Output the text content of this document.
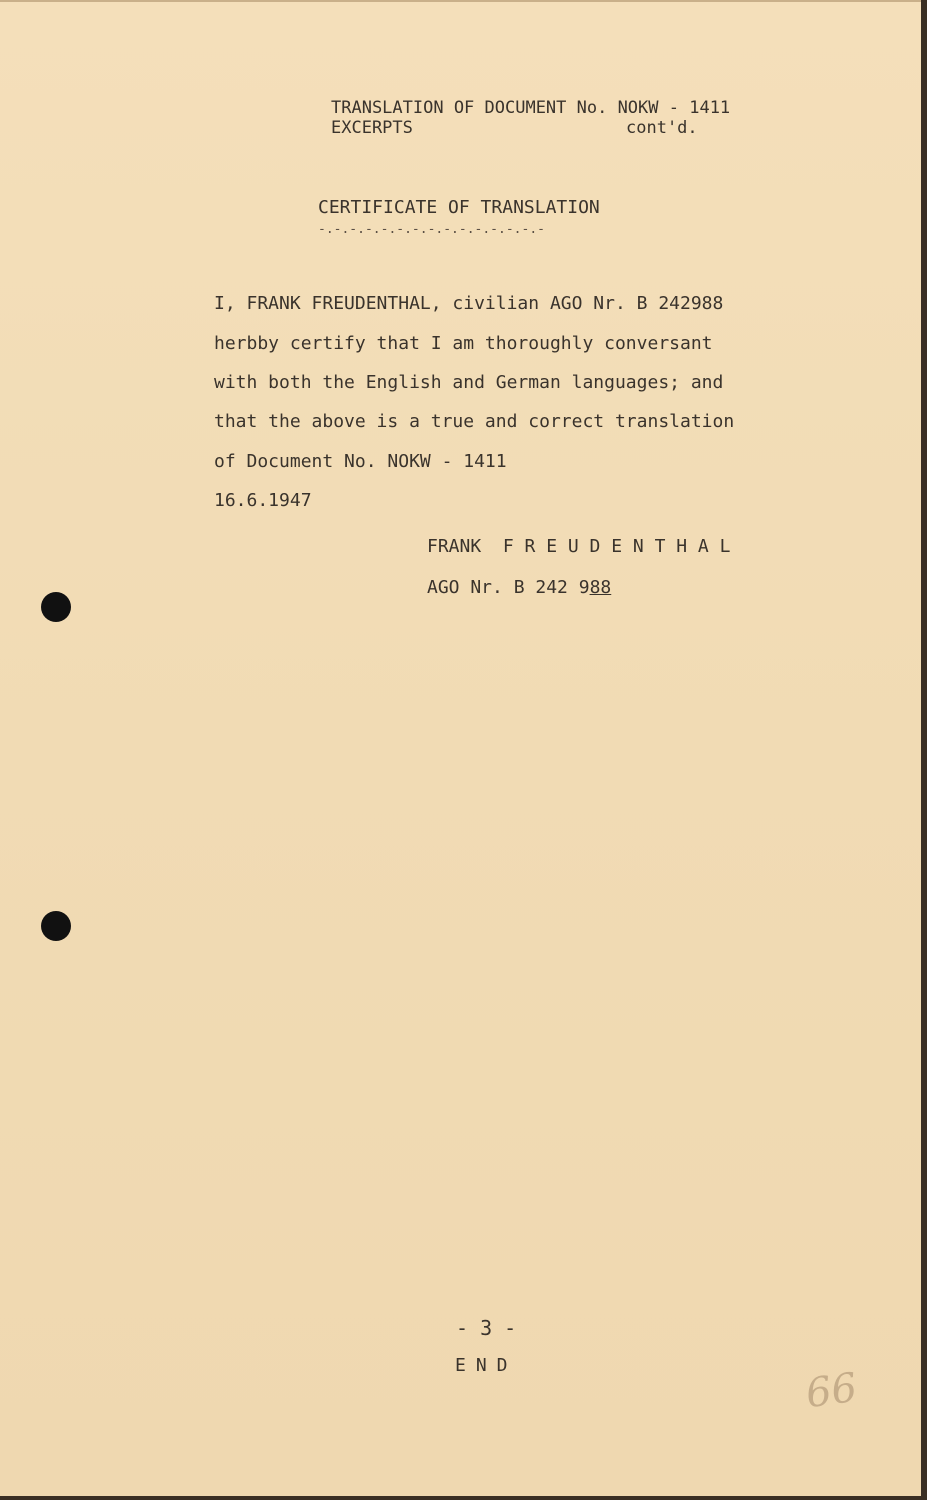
TRANSLATION OF DOCUMENT No. NOKW - 1411
EXCERPTS	cont'd.
CERTIFICATE OF TRANSLATION
-.-.-.-.-.-.-.-.-.-.-.-.-.-.-
I, FRANK FREUDENTHAL, civilian AGO Nr. B 242988
herbby certify that I am thoroughly conversant
with both the English and German languages; and
that the above is a true and correct translation
of Document No. NOKW - 1411
16.6.1947
FRANK  F R E U D E N T H A L
AGO Nr. B 242 988
- 3 -
END	66
